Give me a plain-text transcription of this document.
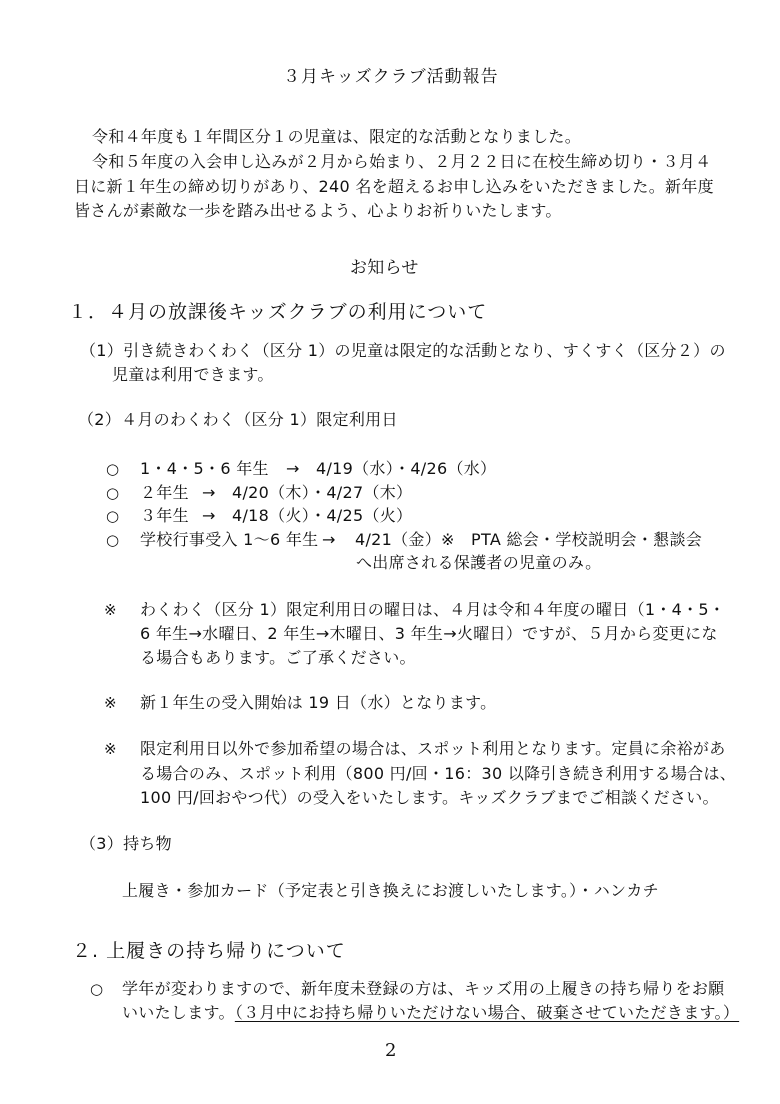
３月キッズクラブ活動報告
令和４年度も１年間区分１の児童は、限定的な活動となりました。
令和５年度の入会申し込みが２月から始まり、２月２２日に在校生締め切り・３月４
日に新１年生の締め切りがあり、240 名を超えるお申し込みをいただきました。新年度
皆さんが素敵な一歩を踏み出せるよう、心よりお祈りいたします。
お知らせ
１．４月の放課後キッズクラブの利用について
（1）引き続きわくわく（区分 1）の児童は限定的な活動となり、すくすく（区分２）の
児童は利用できます。
（2）４月のわくわく（区分 1）限定利用日
○ 1・4・5・6 年生 → 4/19（水）・4/26（水）
○ ２年生 → 4/20（木）・4/27（木）
○ ３年生 → 4/18（火）・4/25（火）
○ 学校行事受入 1〜6 年生 → 4/21（金）※　PTA 総会・学校説明会・懇談会
へ出席される保護者の児童のみ。
※ わくわく（区分 1）限定利用日の曜日は、４月は令和４年度の曜日（1・4・5・
6 年生→水曜日、2 年生→木曜日、3 年生→火曜日）ですが、５月から変更にな
る場合もあります。ご了承ください。
※ 新１年生の受入開始は 19 日（水）となります。
※ 限定利用日以外で参加希望の場合は、スポット利用となります。定員に余裕があ
る場合のみ、スポット利用（800 円/回・16：30 以降引き続き利用する場合は、
100 円/回おやつ代）の受入をいたします。キッズクラブまでご相談ください。
（3）持ち物
上履き・参加カード（予定表と引き換えにお渡しいたします。）・ハンカチ
２. 上履きの持ち帰りについて
○ 学年が変わりますので、新年度未登録の方は、キッズ用の上履きの持ち帰りをお願
いいたします。（３月中にお持ち帰りいただけない場合、破棄させていただきます。）
2
